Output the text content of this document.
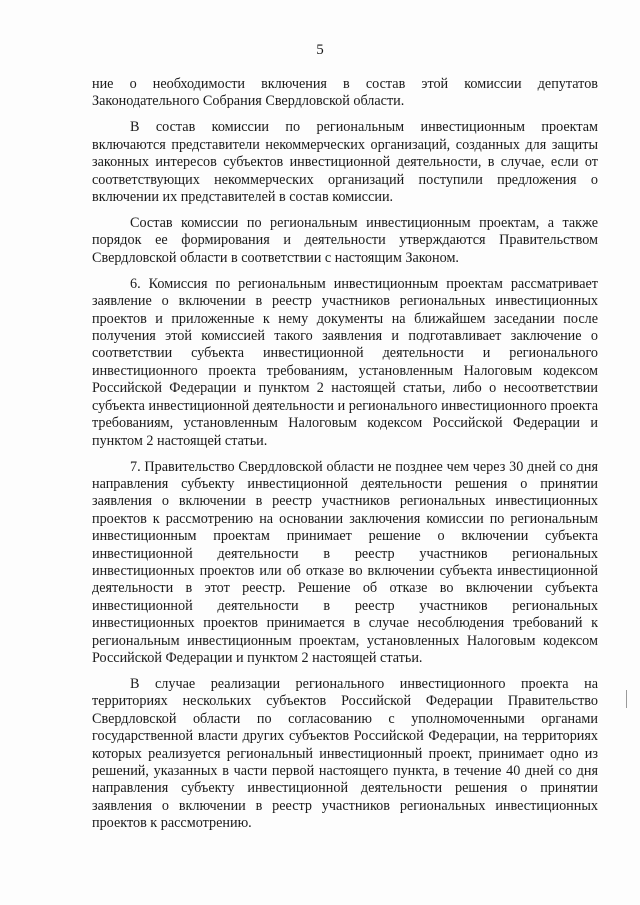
5

ние о необходимости включения в состав этой комиссии депутатов Законодательного Собрания Свердловской области.

В состав комиссии по региональным инвестиционным проектам включаются представители некоммерческих организаций, созданных для защиты законных интересов субъектов инвестиционной деятельности, в случае, если от соответствующих некоммерческих организаций поступили предложения о включении их представителей в состав комиссии.

Состав комиссии по региональным инвестиционным проектам, а также порядок ее формирования и деятельности утверждаются Правительством Свердловской области в соответствии с настоящим Законом.

6. Комиссия по региональным инвестиционным проектам рассматривает заявление о включении в реестр участников региональных инвестиционных проектов и приложенные к нему документы на ближайшем заседании после получения этой комиссией такого заявления и подготавливает заключение о соответствии субъекта инвестиционной деятельности и регионального инвестиционного проекта требованиям, установленным Налоговым кодексом Российской Федерации и пунктом 2 настоящей статьи, либо о несоответствии субъекта инвестиционной деятельности и регионального инвестиционного проекта требованиям, установленным Налоговым кодексом Российской Федерации и пунктом 2 настоящей статьи.

7. Правительство Свердловской области не позднее чем через 30 дней со дня направления субъекту инвестиционной деятельности решения о принятии заявления о включении в реестр участников региональных инвестиционных проектов к рассмотрению на основании заключения комиссии по региональным инвестиционным проектам принимает решение о включении субъекта инвестиционной деятельности в реестр участников региональных инвестиционных проектов или об отказе во включении субъекта инвестиционной деятельности в этот реестр. Решение об отказе во включении субъекта инвестиционной деятельности в реестр участников региональных инвестиционных проектов принимается в случае несоблюдения требований к региональным инвестиционным проектам, установленных Налоговым кодексом Российской Федерации и пунктом 2 настоящей статьи.

В случае реализации регионального инвестиционного проекта на территориях нескольких субъектов Российской Федерации Правительство Свердловской области по согласованию с уполномоченными органами государственной власти других субъектов Российской Федерации, на территориях которых реализуется региональный инвестиционный проект, принимает одно из решений, указанных в части первой настоящего пункта, в течение 40 дней со дня направления субъекту инвестиционной деятельности решения о принятии заявления о включении в реестр участников региональных инвестиционных проектов к рассмотрению.
